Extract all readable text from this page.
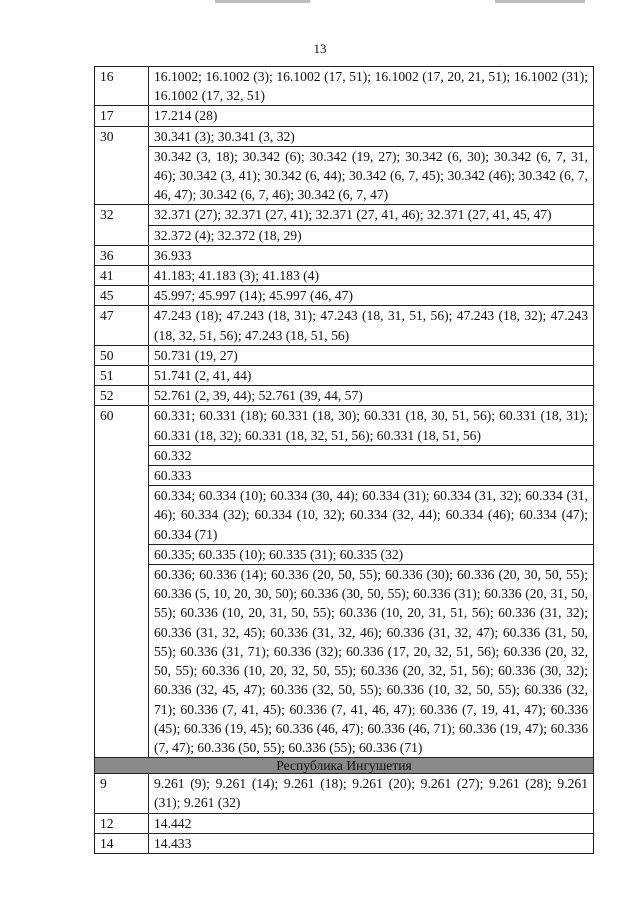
13
16	16.1002; 16.1002 (3); 16.1002 (17, 51); 16.1002 (17, 20, 21, 51); 16.1002 (31); 16.1002 (17, 32, 51)
17	17.214 (28)
30	30.341 (3); 30.341 (3, 32)
	30.342 (3, 18); 30.342 (6); 30.342 (19, 27); 30.342 (6, 30); 30.342 (6, 7, 31, 46); 30.342 (3, 41); 30.342 (6, 44); 30.342 (6, 7, 45); 30.342 (46); 30.342 (6, 7, 46, 47); 30.342 (6, 7, 46); 30.342 (6, 7, 47)
32	32.371 (27); 32.371 (27, 41); 32.371 (27, 41, 46); 32.371 (27, 41, 45, 47)
	32.372 (4); 32.372 (18, 29)
36	36.933
41	41.183; 41.183 (3); 41.183 (4)
45	45.997; 45.997 (14); 45.997 (46, 47)
47	47.243 (18); 47.243 (18, 31); 47.243 (18, 31, 51, 56); 47.243 (18, 32); 47.243 (18, 32, 51, 56); 47.243 (18, 51, 56)
50	50.731 (19, 27)
51	51.741 (2, 41, 44)
52	52.761 (2, 39, 44); 52.761 (39, 44, 57)
60	60.331; 60.331 (18); 60.331 (18, 30); 60.331 (18, 30, 51, 56); 60.331 (18, 31); 60.331 (18, 32); 60.331 (18, 32, 51, 56); 60.331 (18, 51, 56)
	60.332
	60.333
	60.334; 60.334 (10); 60.334 (30, 44); 60.334 (31); 60.334 (31, 32); 60.334 (31, 46); 60.334 (32); 60.334 (10, 32); 60.334 (32, 44); 60.334 (46); 60.334 (47); 60.334 (71)
	60.335; 60.335 (10); 60.335 (31); 60.335 (32)
	60.336; 60.336 (14); 60.336 (20, 50, 55); 60.336 (30); 60.336 (20, 30, 50, 55); 60.336 (5, 10, 20, 30, 50); 60.336 (30, 50, 55); 60.336 (31); 60.336 (20, 31, 50, 55); 60.336 (10, 20, 31, 50, 55); 60.336 (10, 20, 31, 51, 56); 60.336 (31, 32); 60.336 (31, 32, 45); 60.336 (31, 32, 46); 60.336 (31, 32, 47); 60.336 (31, 50, 55); 60.336 (31, 71); 60.336 (32); 60.336 (17, 20, 32, 51, 56); 60.336 (20, 32, 50, 55); 60.336 (10, 20, 32, 50, 55); 60.336 (20, 32, 51, 56); 60.336 (30, 32); 60.336 (32, 45, 47); 60.336 (32, 50, 55); 60.336 (10, 32, 50, 55); 60.336 (32, 71); 60.336 (7, 41, 45); 60.336 (7, 41, 46, 47); 60.336 (7, 19, 41, 47); 60.336 (45); 60.336 (19, 45); 60.336 (46, 47); 60.336 (46, 71); 60.336 (19, 47); 60.336 (7, 47); 60.336 (50, 55); 60.336 (55); 60.336 (71)
Республика Ингушетия	
9	9.261 (9); 9.261 (14); 9.261 (18); 9.261 (20); 9.261 (27); 9.261 (28); 9.261 (31); 9.261 (32)
12	14.442
14	14.433
